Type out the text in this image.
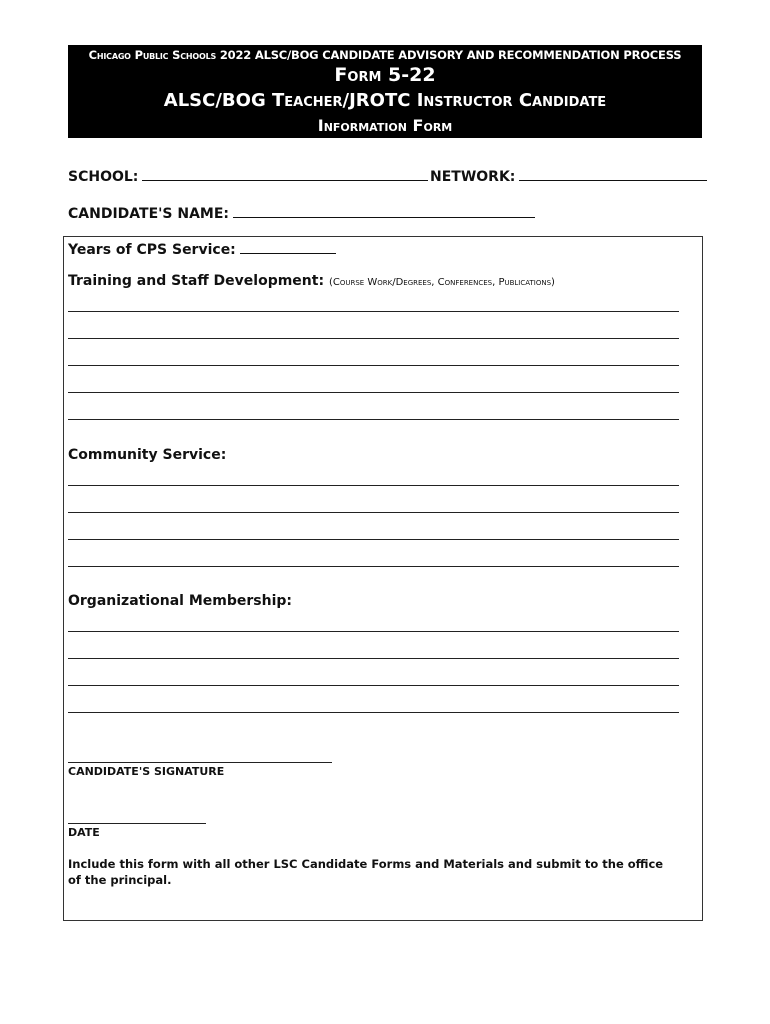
Chicago Public Schools 2022 ALSC/BOG CANDIDATE ADVISORY AND RECOMMENDATION PROCESS
Form 5-22
ALSC/BOG Teacher/JROTC Instructor Candidate
Information Form
SCHOOL:	NETWORK:
CANDIDATE'S NAME:
Years of CPS Service:
Training and Staff Development: (Course Work/Degrees, Conferences, Publications)
Community Service:
Organizational Membership:
CANDIDATE'S SIGNATURE
DATE
Include this form with all other LSC Candidate Forms and Materials and submit to the office of the principal.
